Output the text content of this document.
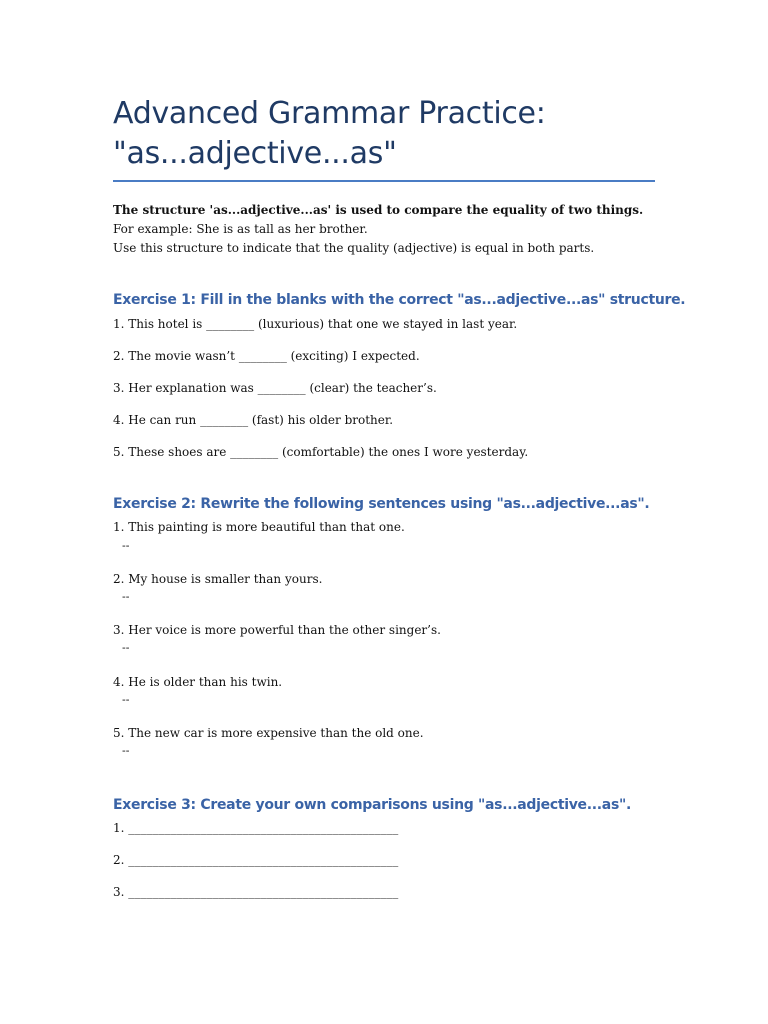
Advanced Grammar Practice:
"as...adjective...as"
The structure 'as...adjective...as' is used to compare the equality of two things.
For example: She is as tall as her brother.
Use this structure to indicate that the quality (adjective) is equal in both parts.
Exercise 1: Fill in the blanks with the correct "as...adjective...as" structure.
1. This hotel is ________ (luxurious) that one we stayed in last year.
2. The movie wasn’t ________ (exciting) I expected.
3. Her explanation was ________ (clear) the teacher’s.
4. He can run ________ (fast) his older brother.
5. These shoes are ________ (comfortable) the ones I wore yesterday.
Exercise 2: Rewrite the following sentences using "as...adjective...as".
1. This painting is more beautiful than that one.
--
2. My house is smaller than yours.
--
3. Her voice is more powerful than the other singer’s.
--
4. He is older than his twin.
--
5. The new car is more expensive than the old one.
--
Exercise 3: Create your own comparisons using "as...adjective...as".
1. _____________________________________________
2. _____________________________________________
3. _____________________________________________
